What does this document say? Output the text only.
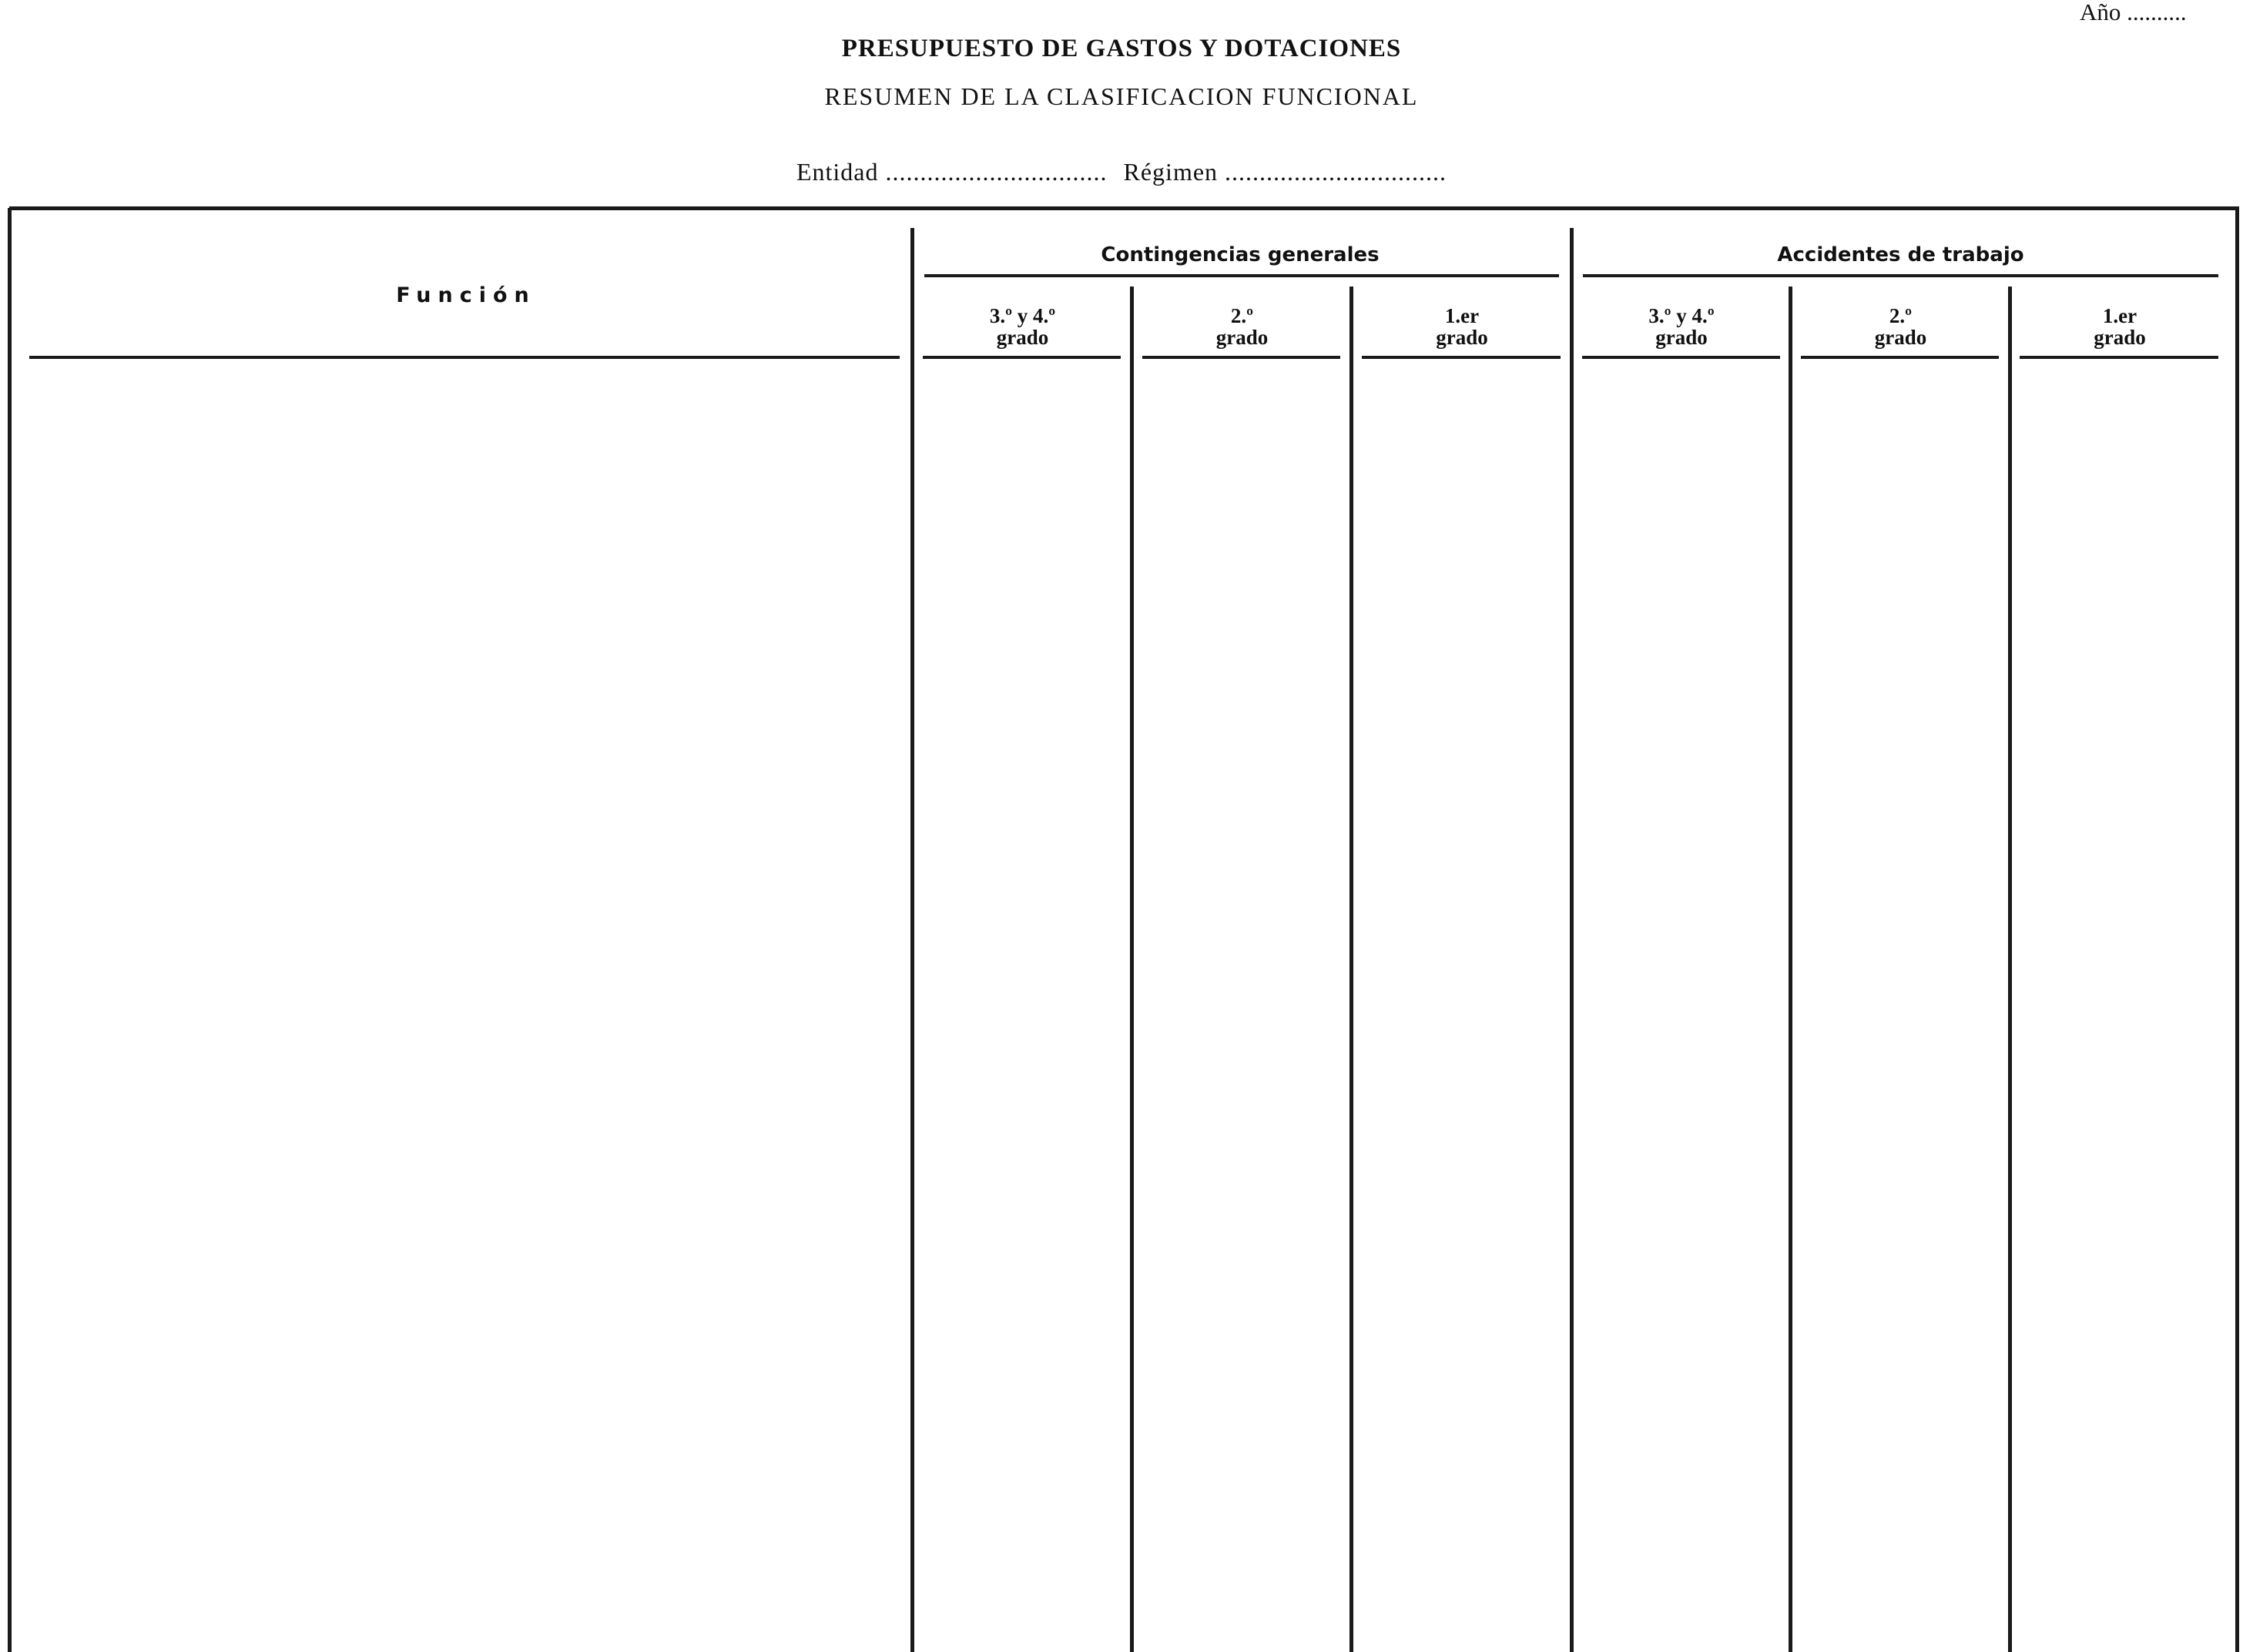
Año ..........
PRESUPUESTO DE GASTOS Y DOTACIONES
RESUMEN DE LA CLASIFICACION FUNCIONAL
Entidad ................................ Régimen ................................
Función
Contingencias generales	Accidentes de trabajo
3.º y 4.º
grado
2.º
grado
1.er
grado
3.º y 4.º
grado
2.º
grado
1.er
grado
